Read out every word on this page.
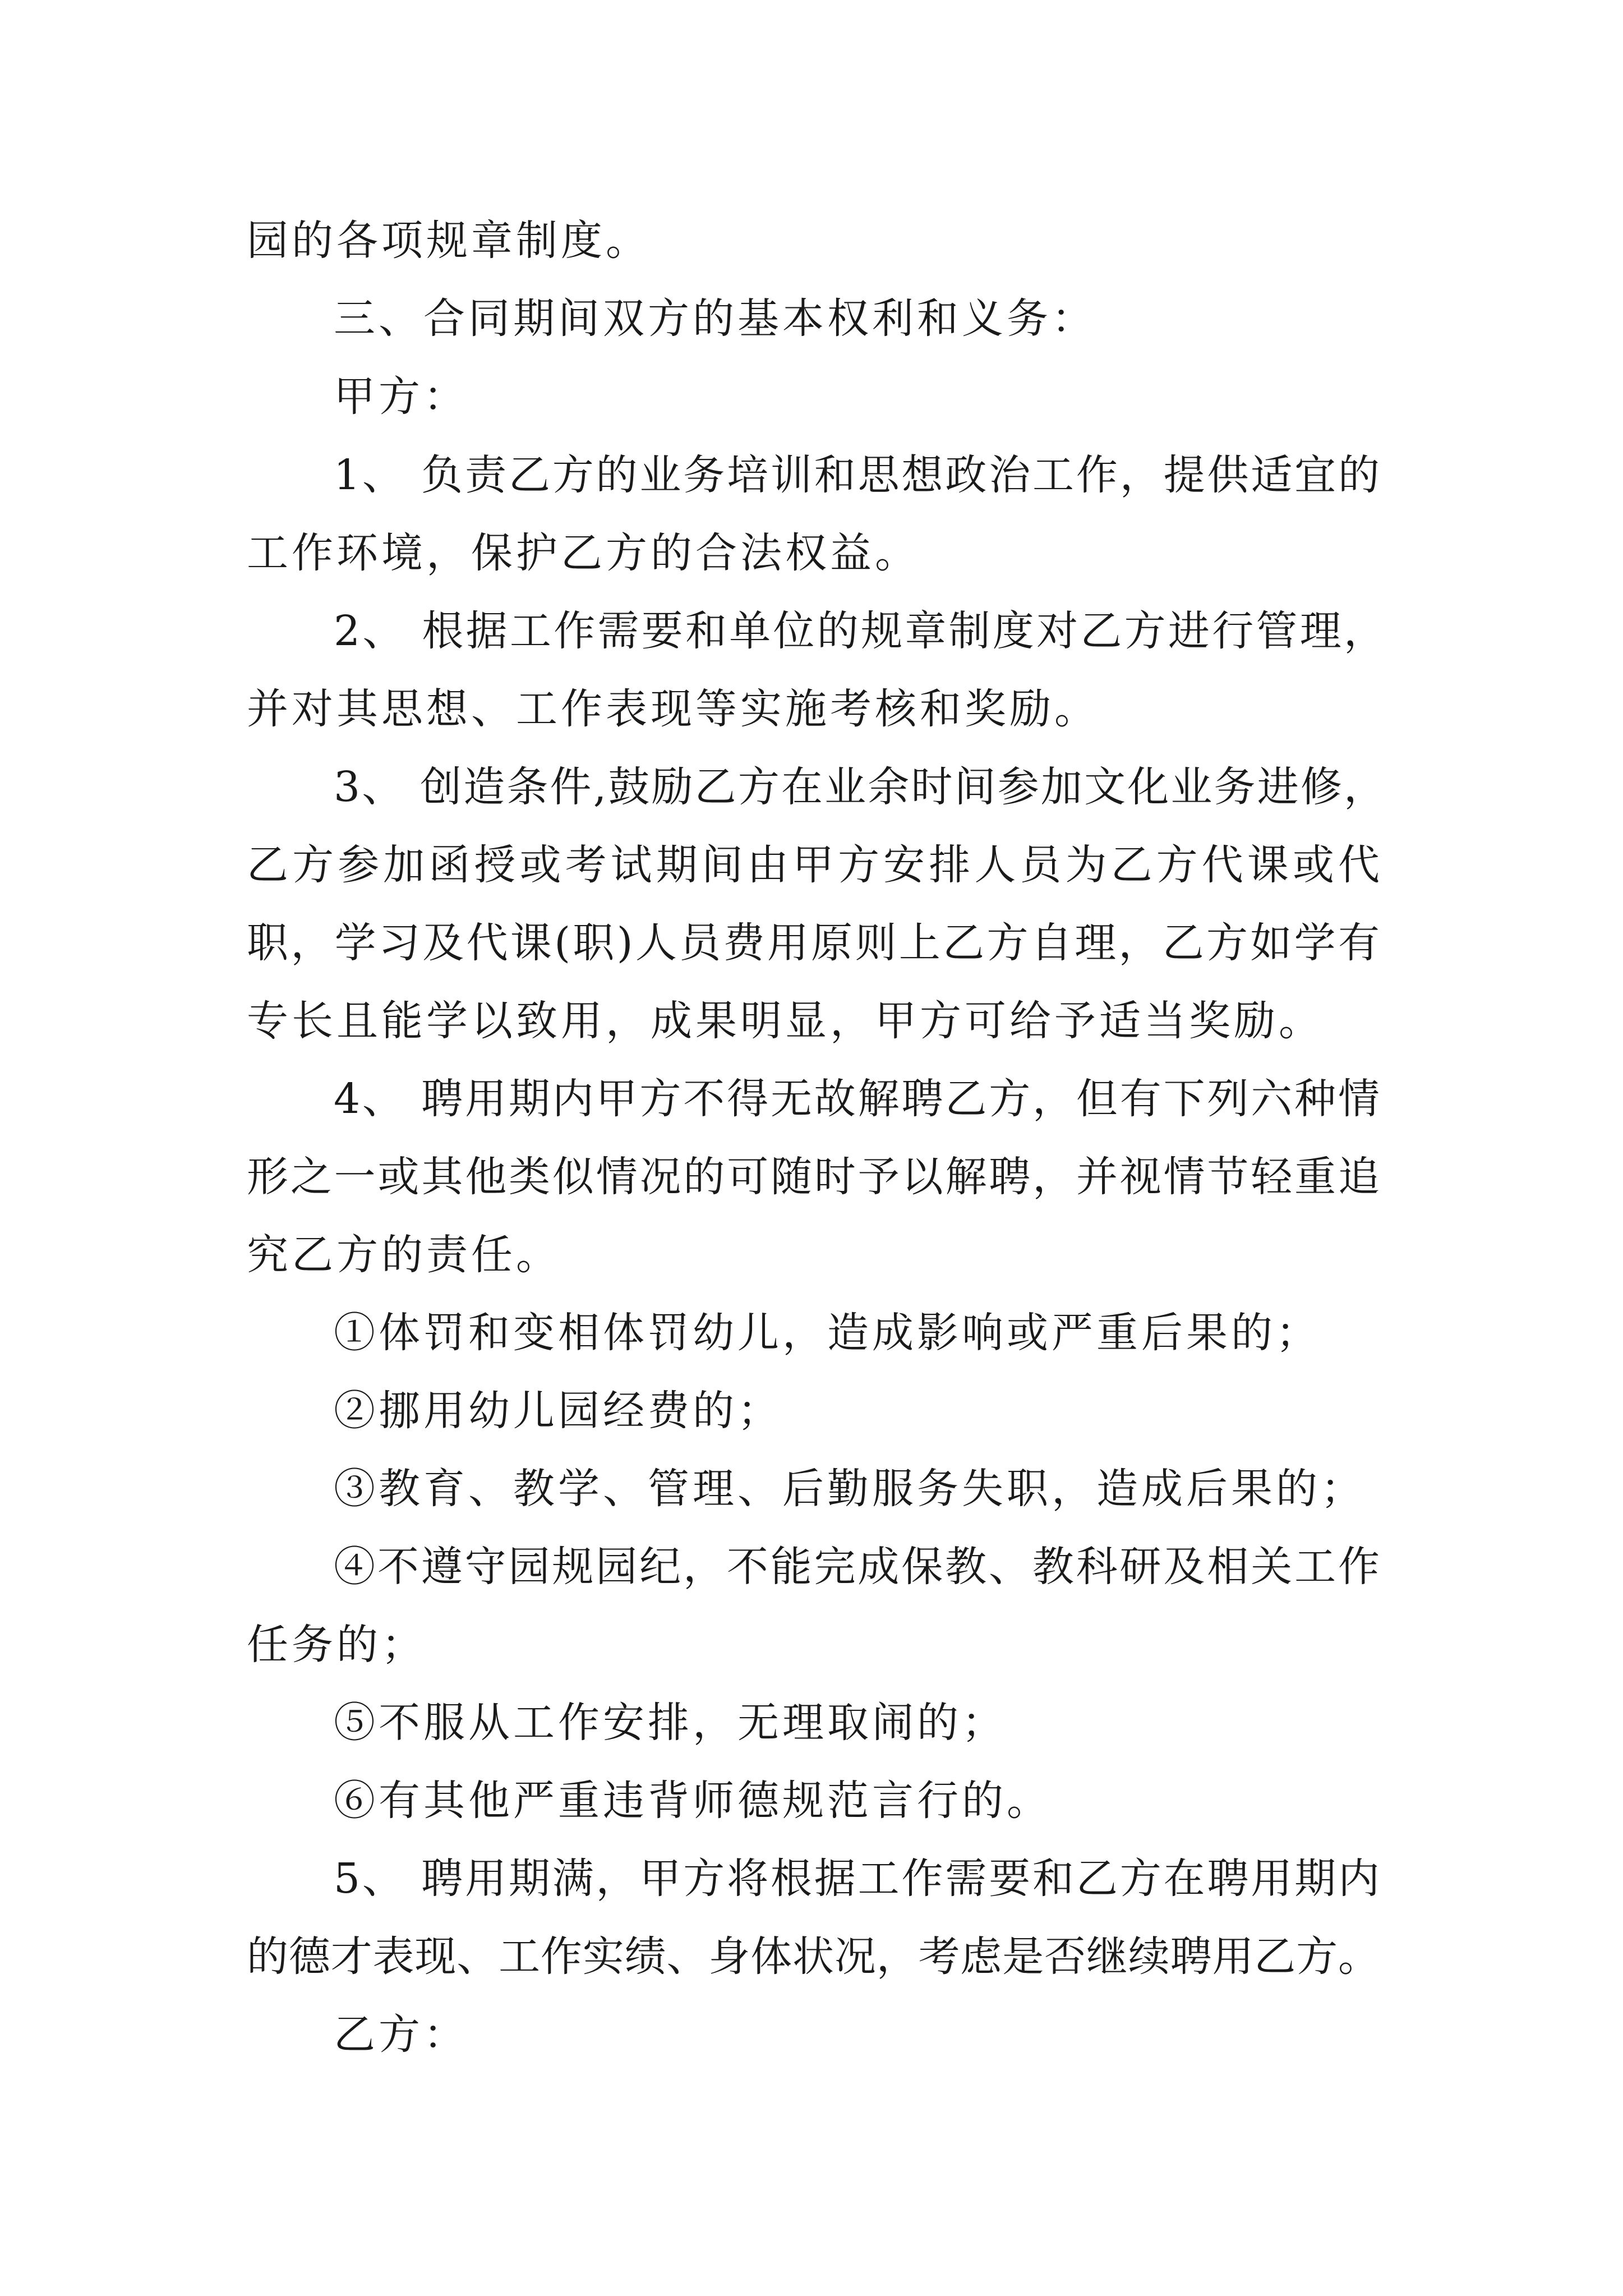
园的各项规章制度。
三、合同期间双方的基本权利和义务：
甲方：
1、 负责乙方的业务培训和思想政治工作，提供适宜的
工作环境，保护乙方的合法权益。
2、 根据工作需要和单位的规章制度对乙方进行管理，
并对其思想、工作表现等实施考核和奖励。
3、 创造条件,鼓励乙方在业余时间参加文化业务进修，
乙方参加函授或考试期间由甲方安排人员为乙方代课或代
职，学习及代课(职)人员费用原则上乙方自理，乙方如学有
专长且能学以致用，成果明显，甲方可给予适当奖励。
4、 聘用期内甲方不得无故解聘乙方，但有下列六种情
形之一或其他类似情况的可随时予以解聘，并视情节轻重追
究乙方的责任。
①体罚和变相体罚幼儿，造成影响或严重后果的；
②挪用幼儿园经费的；
③教育、教学、管理、后勤服务失职，造成后果的；
④不遵守园规园纪，不能完成保教、教科研及相关工作
任务的；
⑤不服从工作安排，无理取闹的；
⑥有其他严重违背师德规范言行的。
5、 聘用期满，甲方将根据工作需要和乙方在聘用期内
的德才表现、工作实绩、身体状况，考虑是否继续聘用乙方。
乙方：
